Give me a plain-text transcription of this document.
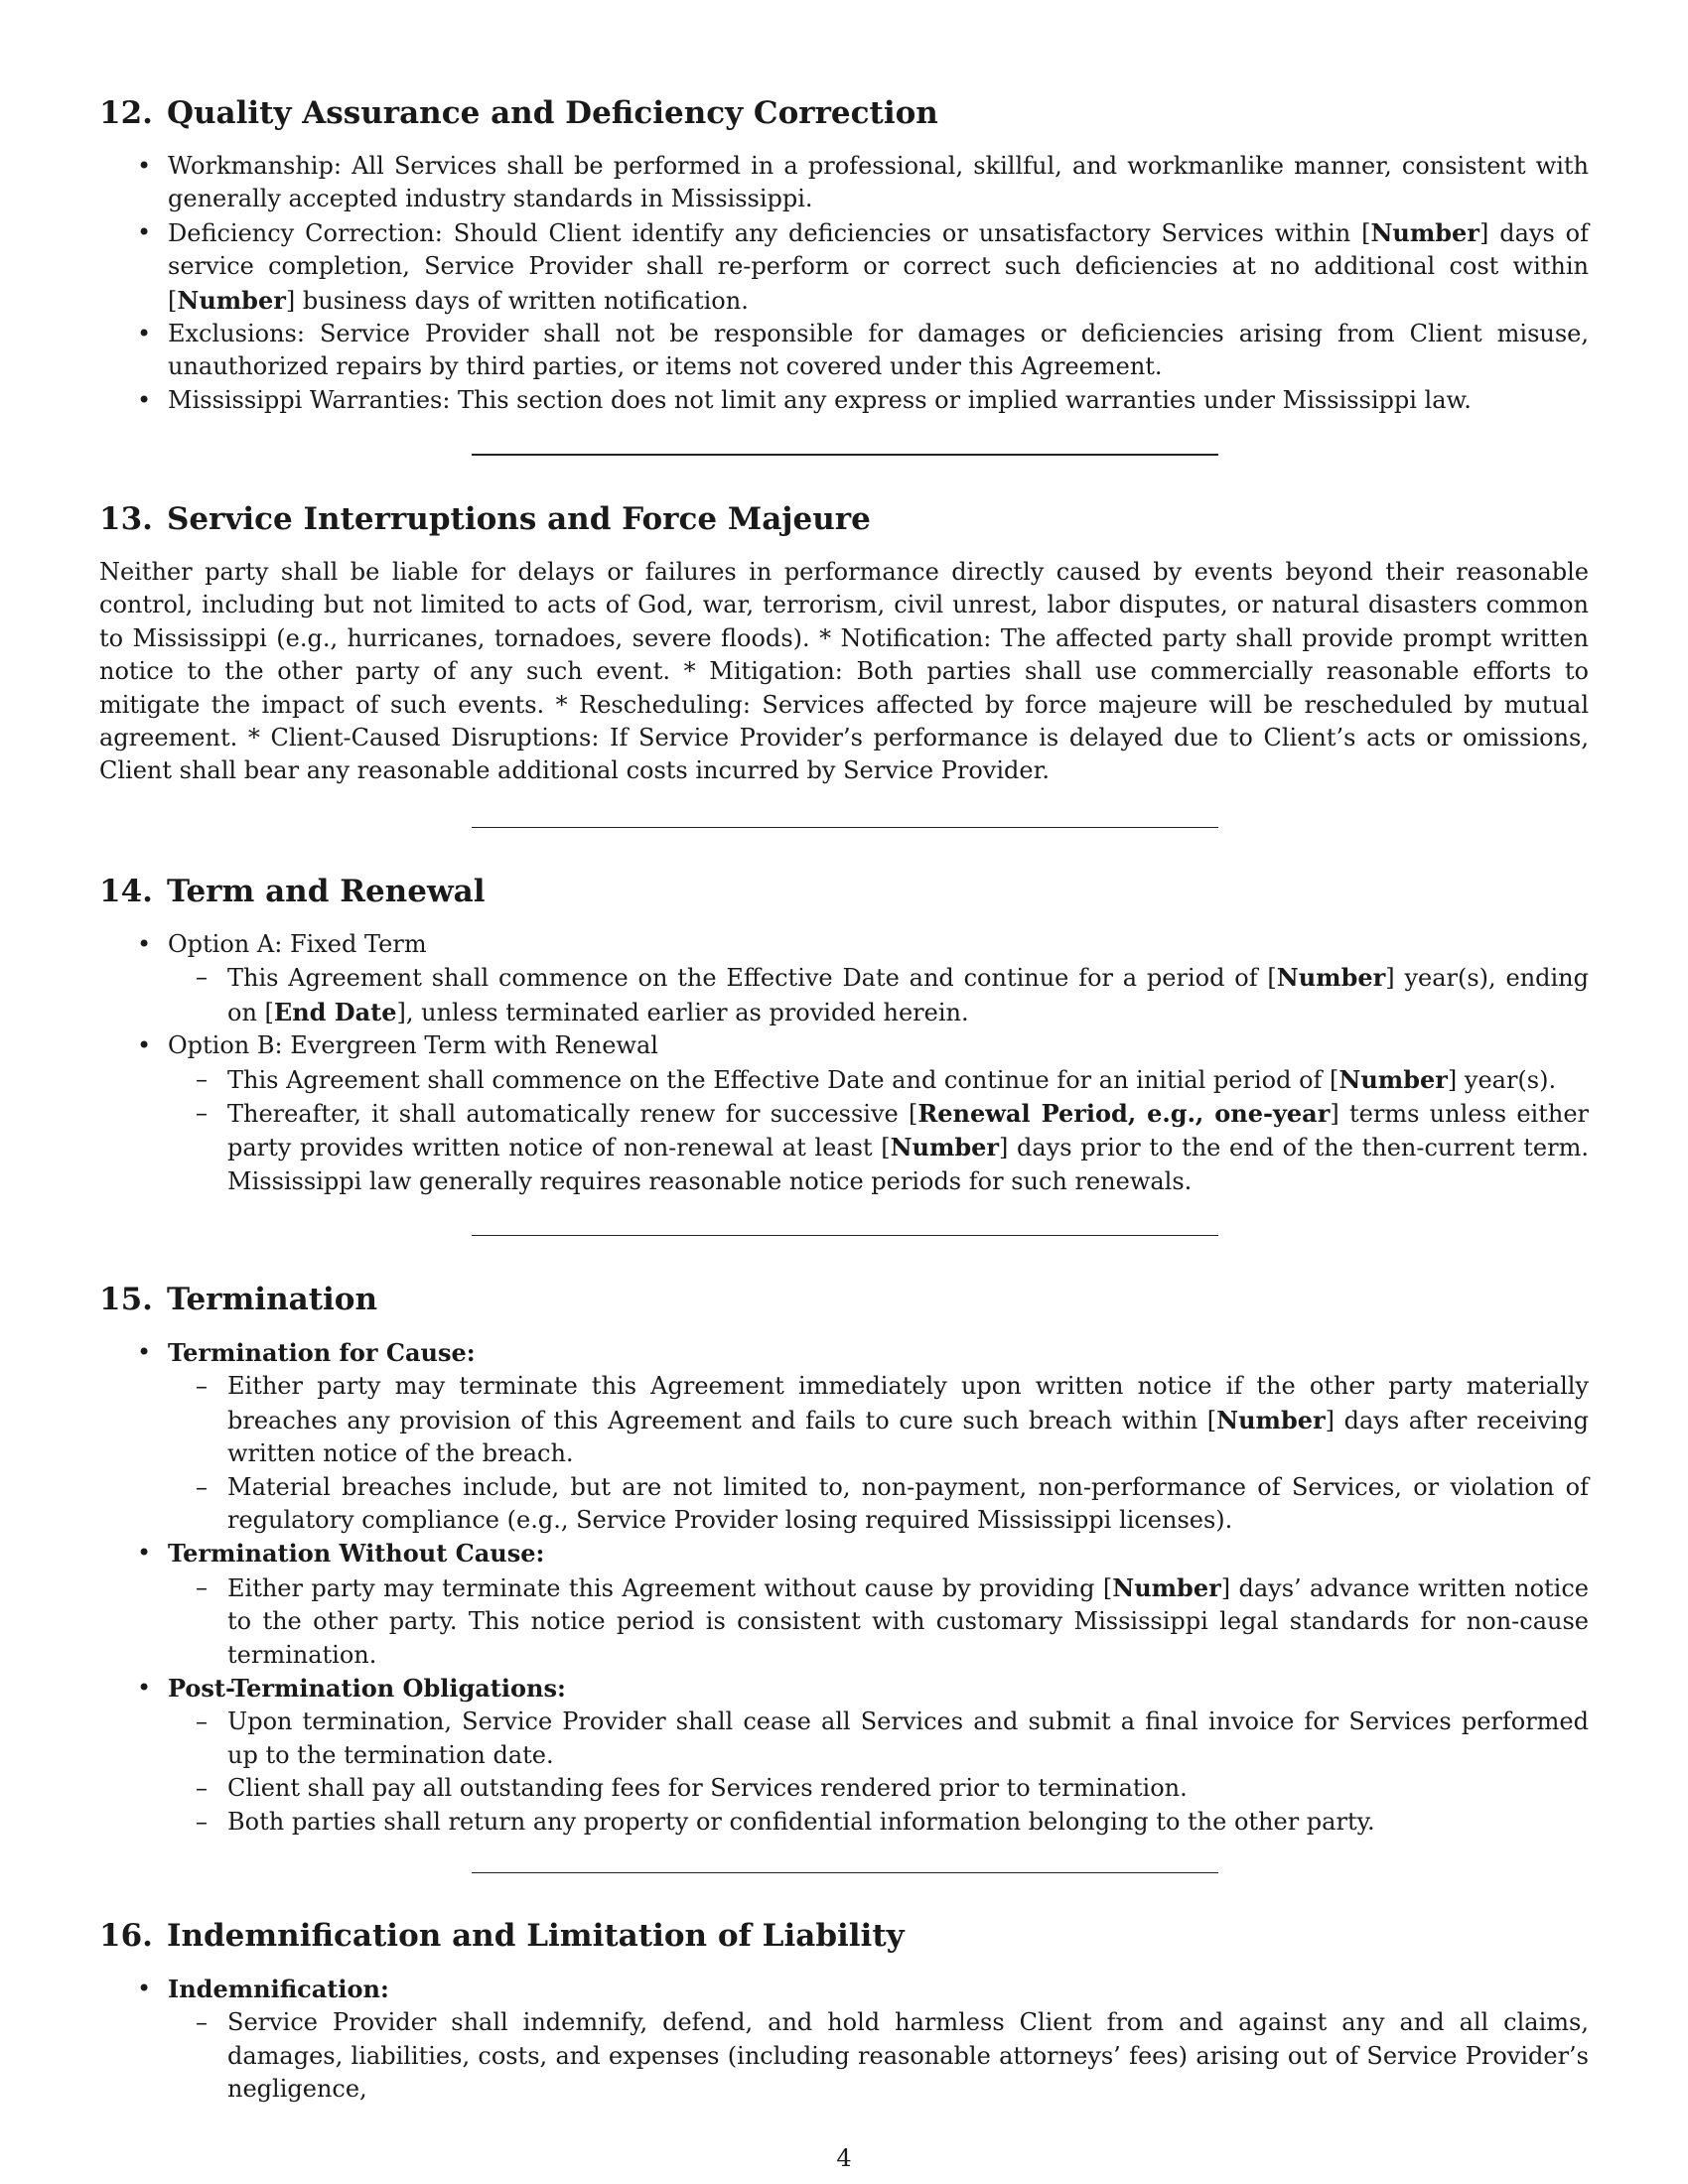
12. Quality Assurance and Deficiency Correction
• Workmanship: All Services shall be performed in a professional, skillful, and workmanlike manner, consistent with generally accepted industry standards in Mississippi.
• Deficiency Correction: Should Client identify any deficiencies or unsatisfactory Services within [Number] days of service completion, Service Provider shall re-perform or correct such deficiencies at no additional cost within [Number] business days of written notification.
• Exclusions: Service Provider shall not be responsible for damages or deficiencies arising from Client misuse, unauthorized repairs by third parties, or items not covered under this Agreement.
• Mississippi Warranties: This section does not limit any express or implied warranties under Mississippi law.
13. Service Interruptions and Force Majeure
Neither party shall be liable for delays or failures in performance directly caused by events beyond their reasonable control, including but not limited to acts of God, war, terrorism, civil unrest, labor disputes, or natural disasters common to Mississippi (e.g., hurricanes, tornadoes, severe floods). * Notification: The affected party shall provide prompt written notice to the other party of any such event. * Mitigation: Both parties shall use commercially reasonable efforts to mitigate the impact of such events. * Rescheduling: Services affected by force majeure will be rescheduled by mutual agreement. * Client-Caused Disruptions: If Service Provider’s performance is delayed due to Client’s acts or omissions, Client shall bear any reasonable additional costs incurred by Service Provider.
14. Term and Renewal
• Option A: Fixed Term
– This Agreement shall commence on the Effective Date and continue for a period of [Number] year(s), ending on [End Date], unless terminated earlier as provided herein.
• Option B: Evergreen Term with Renewal
– This Agreement shall commence on the Effective Date and continue for an initial period of [Number] year(s).
– Thereafter, it shall automatically renew for successive [Renewal Period, e.g., one-year] terms unless either party provides written notice of non-renewal at least [Number] days prior to the end of the then-current term. Mississippi law generally requires reasonable notice periods for such renewals.
15. Termination
• Termination for Cause:
– Either party may terminate this Agreement immediately upon written notice if the other party materially breaches any provision of this Agreement and fails to cure such breach within [Number] days after receiving written notice of the breach.
– Material breaches include, but are not limited to, non-payment, non-performance of Services, or violation of regulatory compliance (e.g., Service Provider losing required Mississippi licenses).
• Termination Without Cause:
– Either party may terminate this Agreement without cause by providing [Number] days’ advance written notice to the other party. This notice period is consistent with customary Mississippi legal standards for non-cause termination.
• Post-Termination Obligations:
– Upon termination, Service Provider shall cease all Services and submit a final invoice for Services performed up to the termination date.
– Client shall pay all outstanding fees for Services rendered prior to termination.
– Both parties shall return any property or confidential information belonging to the other party.
16. Indemnification and Limitation of Liability
• Indemnification:
– Service Provider shall indemnify, defend, and hold harmless Client from and against any and all claims, damages, liabilities, costs, and expenses (including reasonable attorneys’ fees) arising out of Service Provider’s negligence,
4
